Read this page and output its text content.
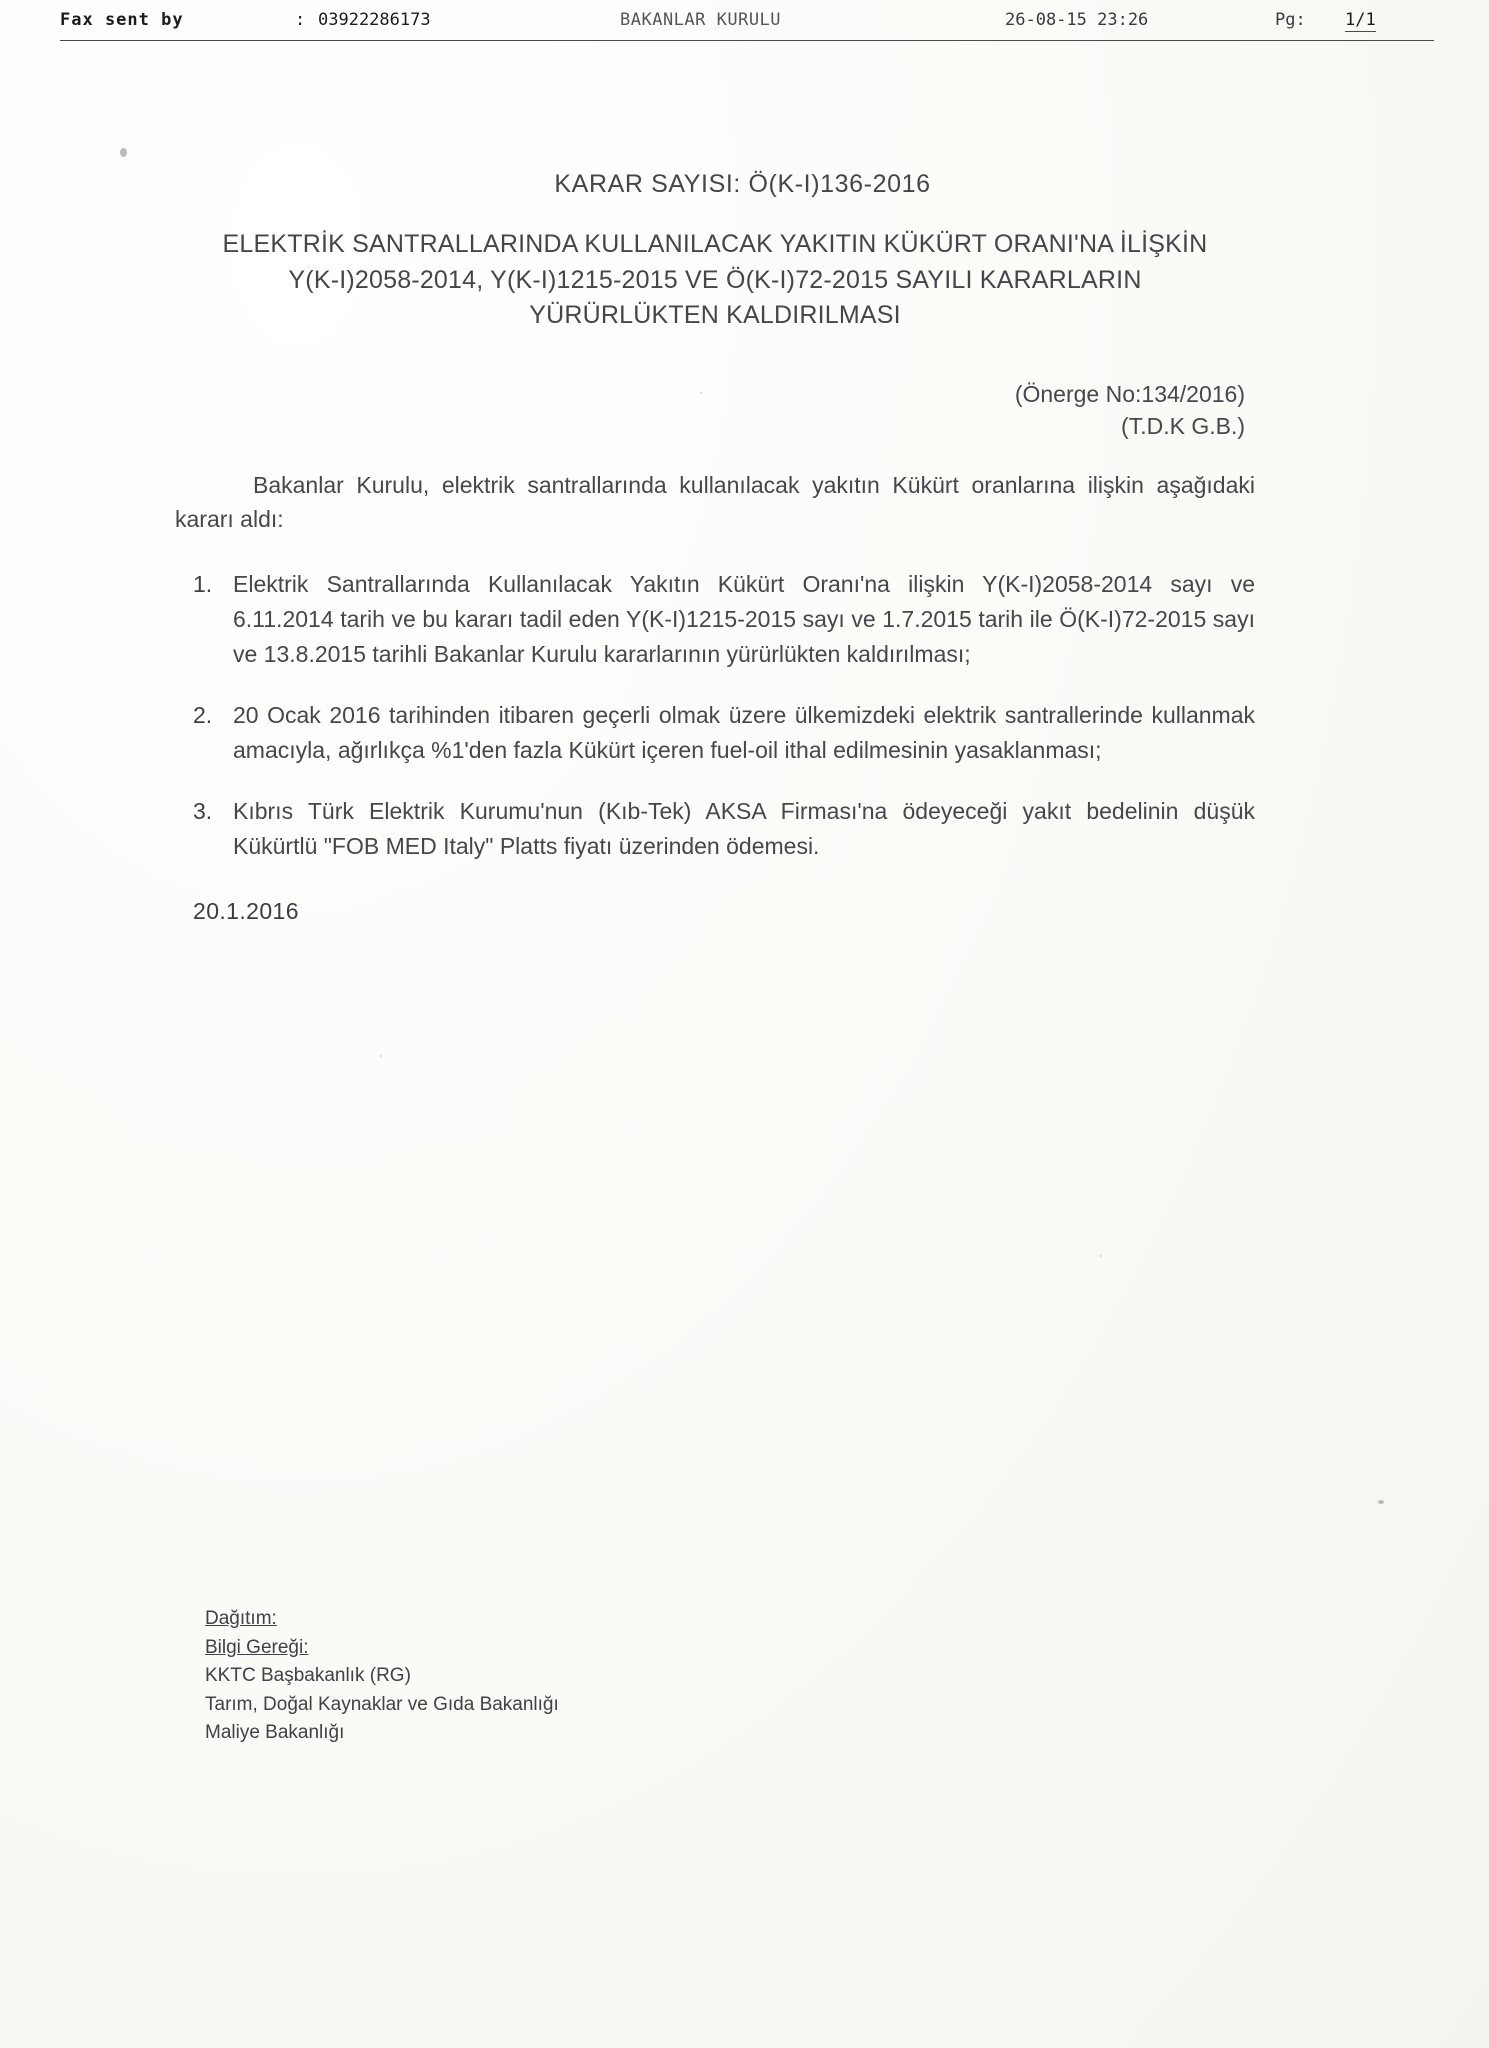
Fax sent by	: 03922286173	BAKANLAR KURULU	26-08-15 23:26	Pg: 1/1
KARAR SAYISI: Ö(K-I)136-2016
ELEKTRİK SANTRALLARINDA KULLANILACAK YAKITIN KÜKÜRT ORANI'NA İLİŞKİN
Y(K-I)2058-2014, Y(K-I)1215-2015 VE Ö(K-I)72-2015 SAYILI KARARLARIN
YÜRÜRLÜKTEN KALDIRILMASI
(Önerge No:134/2016)
(T.D.K G.B.)

Bakanlar Kurulu, elektrik santrallarında kullanılacak yakıtın Kükürt oranlarına ilişkin aşağıdaki kararı aldı:

Elektrik Santrallarında Kullanılacak Yakıtın Kükürt Oranı'na ilişkin Y(K-I)2058-2014 sayı ve 6.11.2014 tarih ve bu kararı tadil eden Y(K-I)1215-2015 sayı ve 1.7.2015 tarih ile Ö(K-I)72-2015 sayı ve 13.8.2015 tarihli Bakanlar Kurulu kararlarının yürürlükten kaldırılması;
20 Ocak 2016 tarihinden itibaren geçerli olmak üzere ülkemizdeki elektrik santrallerinde kullanmak amacıyla, ağırlıkça %1'den fazla Kükürt içeren fuel-oil ithal edilmesinin yasaklanması;
Kıbrıs Türk Elektrik Kurumu'nun (Kıb-Tek) AKSA Firması'na ödeyeceği yakıt bedelinin düşük Kükürtlü "FOB MED Italy" Platts fiyatı üzerinden ödemesi.
20.1.2016
Dağıtım:
Bilgi Gereği:
KKTC Başbakanlık (RG)
Tarım, Doğal Kaynaklar ve Gıda Bakanlığı
Maliye Bakanlığı
